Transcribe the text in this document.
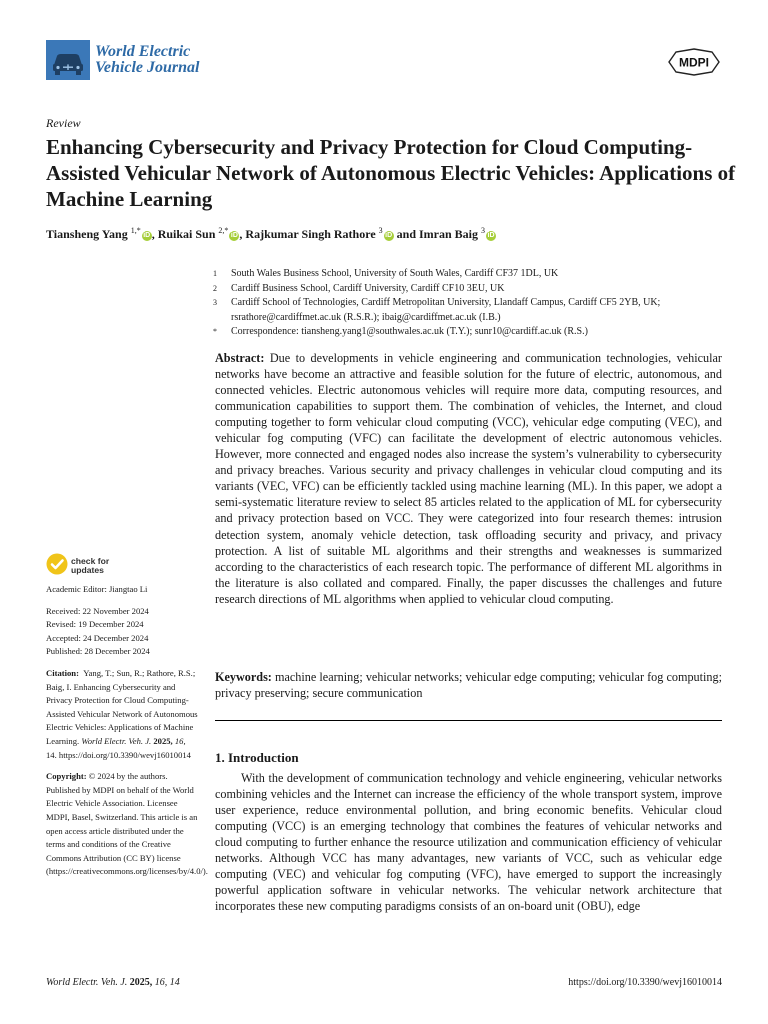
World Electric
Vehicle Journal	MDPI
Review
Enhancing Cybersecurity and Privacy Protection for Cloud Computing-Assisted Vehicular Network of Autonomous Electric Vehicles: Applications of Machine Learning
Tiansheng Yang $^{1,*}$iD , Ruikai Sun $^{2,*}$iD , Rajkumar Singh Rathore $^3$iD and Imran Baig $^3$iD
1	South Wales Business School, University of South Wales, Cardiff CF37 1DL, UK
2	Cardiff Business School, Cardiff University, Cardiff CF10 3EU, UK
3	Cardiff School of Technologies, Cardiff Metropolitan University, Llandaff Campus, Cardiff CF5 2YB, UK; rsrathore@cardiffmet.ac.uk (R.S.R.); ibaig@cardiffmet.ac.uk (I.B.)
*	Correspondence: tiansheng.yang1@southwales.ac.uk (T.Y.); sunr10@cardiff.ac.uk (R.S.)

Abstract: Due to developments in vehicle engineering and communication technologies, vehicular networks have become an attractive and feasible solution for the future of electric, autonomous, and connected vehicles. Electric autonomous vehicles will require more data, computing resources, and communication capabilities to support them. The combination of vehicles, the Internet, and cloud computing together to form vehicular cloud computing (VCC), vehicular edge computing (VEC), and vehicular fog computing (VFC) can facilitate the development of electric autonomous vehicles. However, more connected and engaged nodes also increase the system’s vulnerability to cybersecurity and privacy breaches. Various security and privacy challenges in vehicular cloud computing and its variants (VEC, VFC) can be efficiently tackled using machine learning (ML). In this paper, we adopt a semi-systematic literature review to select 85 articles related to the application of ML for cybersecurity and privacy protection based on VCC. They were categorized into four research themes: intrusion detection system, anomaly vehicle detection, task offloading security and privacy, and privacy protection. A list of suitable ML algorithms and their strengths and weaknesses is summarized according to the characteristics of each research topic. The performance of different ML algorithms in the literature is also collated and compared. Finally, the paper discusses the challenges and future research directions of ML algorithms when applied to vehicular cloud computing.

Keywords: machine learning; vehicular networks; vehicular edge computing; vehicular fog computing; privacy preserving; secure communication

1. Introduction

With the development of communication technology and vehicle engineering, vehicular networks combining vehicles and the Internet can increase the efficiency of the whole transport system, improve user experience, reduce environmental pollution, and bring economic benefits. Vehicular cloud computing (VCC) is an emerging technology that combines the features of vehicular networks and cloud computing to further enhance the resource utilization and communication efficiency of vehicular networks. Although VCC has many advantages, new variants of VCC, such as vehicular edge computing (VEC) and vehicular fog computing (VFC), have emerged to support the increasingly powerful application software in vehicular networks. The vehicular network architecture that incorporates these new computing paradigms consists of an on-board unit (OBU), edge

check for
updates
Academic Editor: Jiangtao Li
Received: 22 November 2024
Revised: 19 December 2024
Accepted: 24 December 2024
Published: 28 December 2024
Citation: Yang, T.; Sun, R.; Rathore, R.S.; Baig, I. Enhancing Cybersecurity and Privacy Protection for Cloud Computing-Assisted Vehicular Network of Autonomous Electric Vehicles: Applications of Machine Learning. World Electr. Veh. J. 2025, 16, 14. https://doi.org/10.3390/wevj16010014
Copyright: © 2024 by the authors. Published by MDPI on behalf of the World Electric Vehicle Association. Licensee MDPI, Basel, Switzerland. This article is an open access article distributed under the terms and conditions of the Creative Commons Attribution (CC BY) license (https://creativecommons.org/licenses/by/4.0/).
World Electr. Veh. J. 2025, 16, 14	https://doi.org/10.3390/wevj16010014
